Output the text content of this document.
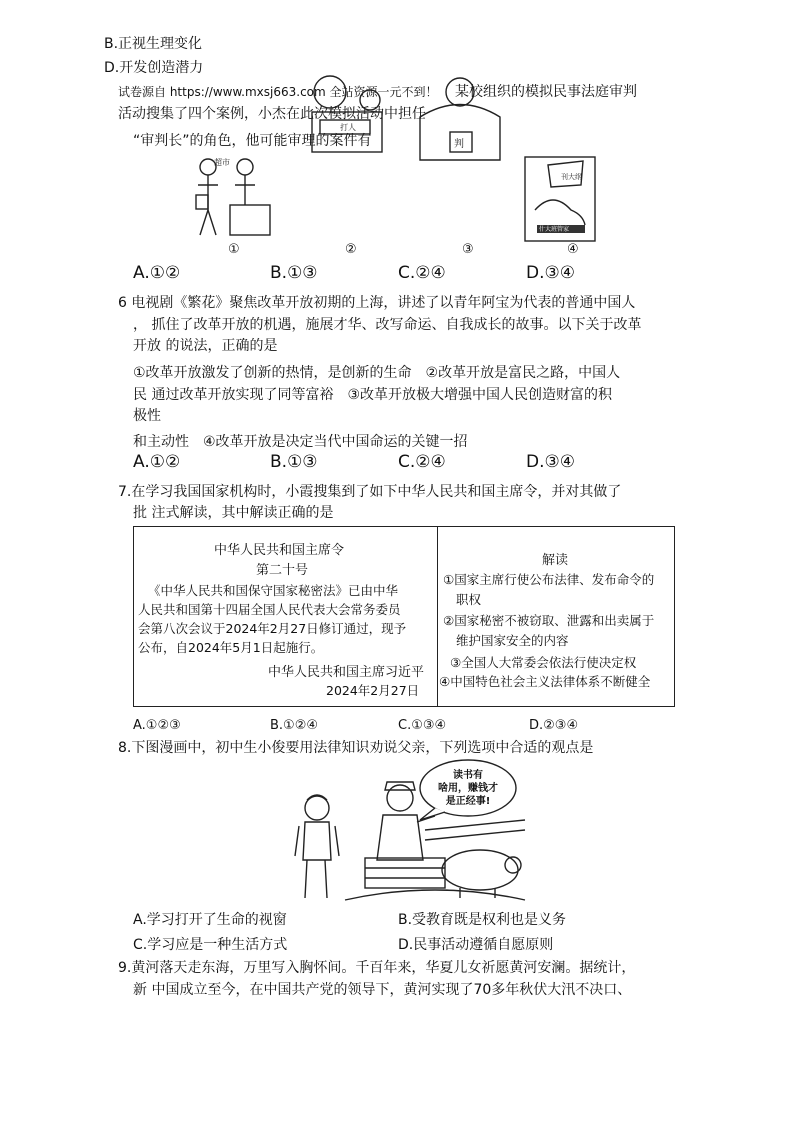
B.正视生理变化
D.开发创造潜力
试卷源自 https://www.mxsj663.com 全站资源一元不到！ 某校组织的模拟民事法庭审判
活动搜集了四个案例，小杰在此次模拟活动中担任
“审判长”的角色，他可能审理的案件有
打人
判
超市
刊大纲
什大班管家
①	②	③	④
A.①②	B.①③	C.②④	D.③④
6 电视剧《繁花》聚焦改革开放初期的上海，讲述了以青年阿宝为代表的普通中国人
， 抓住了改革开放的机遇，施展才华、改写命运、自我成长的故事。以下关于改革
开放 的说法，正确的是
①改革开放激发了创新的热情，是创新的生命　②改革开放是富民之路，中国人
民 通过改革开放实现了同等富裕　③改革开放极大增强中国人民创造财富的积
极性
和主动性　④改革开放是决定当代中国命运的关键一招
A.①②	B.①③	C.②④	D.③④
7.在学习我国国家机构时，小霞搜集到了如下中华人民共和国主席令，并对其做了
批 注式解读，其中解读正确的是
中华人民共和国主席令
第二十号
《中华人民共和国保守国家秘密法》已由中华
人民共和国第十四届全国人民代表大会常务委员
会第八次会议于2024年2月27日修订通过，现予
公布，自2024年5月1日起施行。
中华人民共和国主席习近平
2024年2月27日
解读
①国家主席行使公布法律、发布命令的
职权
②国家秘密不被窃取、泄露和出卖属于
维护国家安全的内容
③全国人大常委会依法行使决定权
④中国特色社会主义法律体系不断健全
A.①②③	B.①②④	C.①③④	D.②③④
8.下图漫画中，初中生小俊要用法律知识劝说父亲，下列选项中合适的观点是
读书有
啥用，赚钱才
是正经事!
A.学习打开了生命的视窗	B.受教育既是权利也是义务
C.学习应是一种生活方式	D.民事活动遵循自愿原则
9.黄河落天走东海，万里写入胸怀间。千百年来，华夏儿女祈愿黄河安澜。据统计，
新 中国成立至今，在中国共产党的领导下，黄河实现了70多年秋伏大汛不决口、
